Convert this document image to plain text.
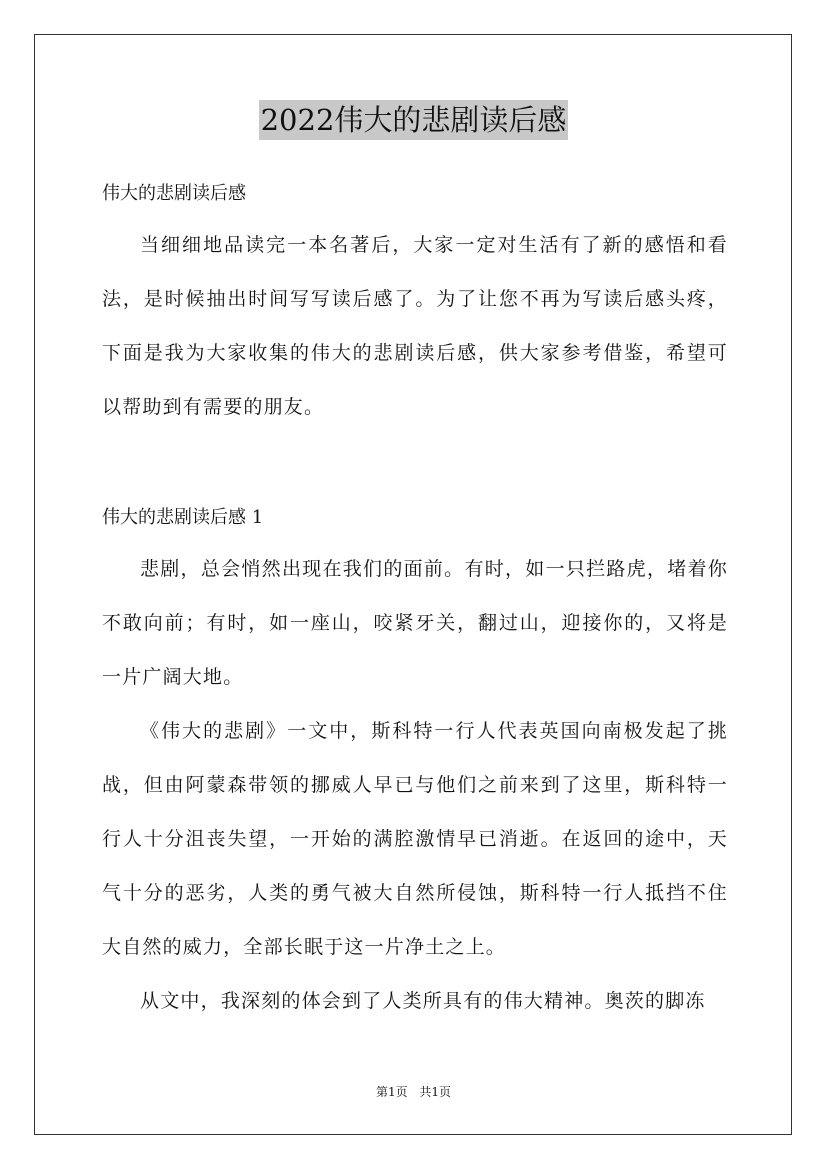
2022伟大的悲剧读后感

伟大的悲剧读后感

当细细地品读完一本名著后，大家一定对生活有了新的感悟和看法，是时候抽出时间写写读后感了。为了让您不再为写读后感头疼，下面是我为大家收集的伟大的悲剧读后感，供大家参考借鉴，希望可以帮助到有需要的朋友。

伟大的悲剧读后感 1

悲剧，总会悄然出现在我们的面前。有时，如一只拦路虎，堵着你不敢向前；有时，如一座山，咬紧牙关，翻过山，迎接你的，又将是一片广阔大地。

《伟大的悲剧》一文中，斯科特一行人代表英国向南极发起了挑战，但由阿蒙森带领的挪威人早已与他们之前来到了这里，斯科特一行人十分沮丧失望，一开始的满腔激情早已消逝。在返回的途中，天气十分的恶劣，人类的勇气被大自然所侵蚀，斯科特一行人抵挡不住大自然的威力，全部长眠于这一片净土之上。

从文中，我深刻的体会到了人类所具有的伟大精神。奥茨的脚冻

第1页 共1页
